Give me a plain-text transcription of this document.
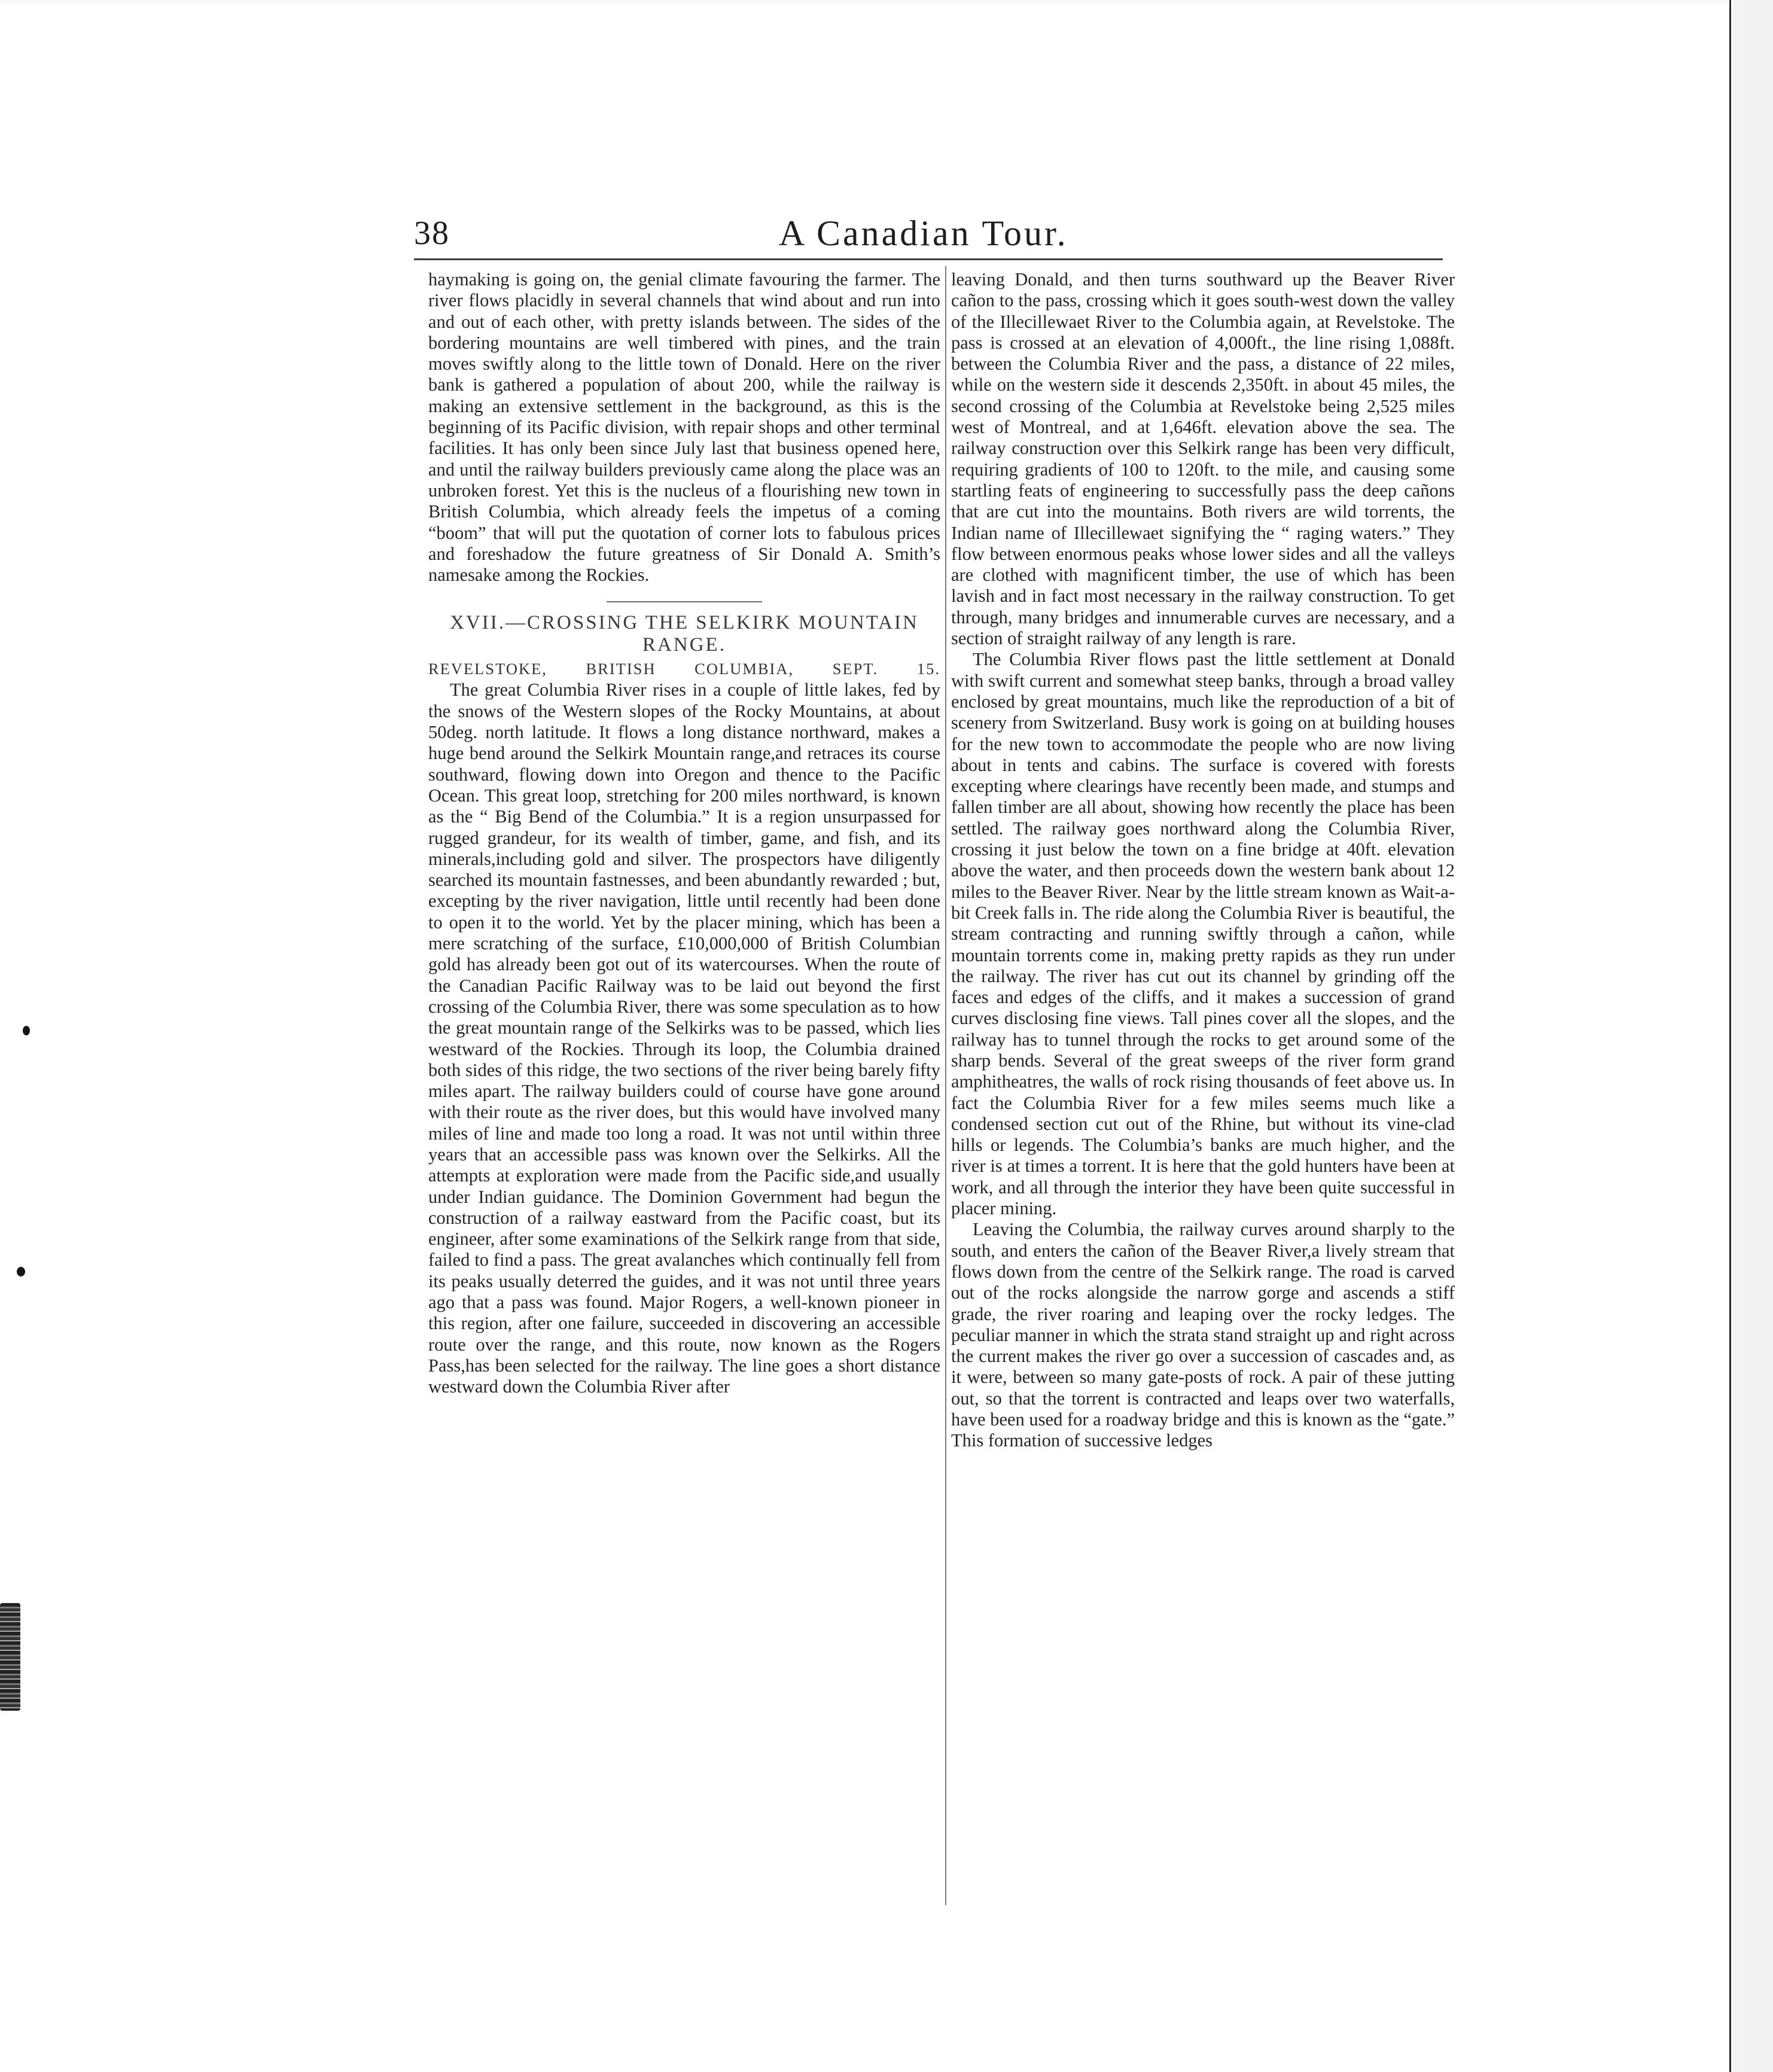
38	A Canadian Tour.

haymaking is going on, the genial climate favouring the farmer. The river flows placidly in several channels that wind about and run into and out of each other, with pretty islands between. The sides of the bordering mountains are well timbered with pines, and the train moves swiftly along to the little town of Donald. Here on the river bank is gathered a population of about 200, while the railway is making an extensive settlement in the background, as this is the beginning of its Pacific division, with repair shops and other terminal facilities. It has only been since July last that business opened here, and until the railway builders previously came along the place was an unbroken forest. Yet this is the nucleus of a flourishing new town in British Columbia, which already feels the impetus of a coming “boom” that will put the quotation of corner lots to fabulous prices and foreshadow the future greatness of Sir Donald A. Smith’s namesake among the Rockies.

XVII.—CROSSING THE SELKIRK MOUNTAIN RANGE.
REVELSTOKE, BRITISH COLUMBIA, SEPT. 15.

The great Columbia River rises in a couple of little lakes, fed by the snows of the Western slopes of the Rocky Mountains, at about 50deg. north latitude. It flows a long distance northward, makes a huge bend around the Selkirk Mountain range,and retraces its course southward, flowing down into Oregon and thence to the Pacific Ocean. This great loop, stretching for 200 miles northward, is known as the “ Big Bend of the Columbia.” It is a region unsurpassed for rugged grandeur, for its wealth of timber, game, and fish, and its minerals,including gold and silver. The prospectors have diligently searched its mountain fastnesses, and been abundantly rewarded ; but, excepting by the river navigation, little until recently had been done to open it to the world. Yet by the placer mining, which has been a mere scratching of the surface, £10,000,000 of British Columbian gold has already been got out of its watercourses. When the route of the Canadian Pacific Railway was to be laid out beyond the first crossing of the Columbia River, there was some speculation as to how the great mountain range of the Selkirks was to be passed, which lies westward of the Rockies. Through its loop, the Columbia drained both sides of this ridge, the two sections of the river being barely fifty miles apart. The railway builders could of course have gone around with their route as the river does, but this would have involved many miles of line and made too long a road. It was not until within three years that an accessible pass was known over the Selkirks. All the attempts at exploration were made from the Pacific side,and usually under Indian guidance. The Dominion Government had begun the construction of a railway eastward from the Pacific coast, but its engineer, after some examinations of the Selkirk range from that side, failed to find a pass. The great avalanches which continually fell from its peaks usually deterred the guides, and it was not until three years ago that a pass was found. Major Rogers, a well-known pioneer in this region, after one failure, succeeded in discovering an accessible route over the range, and this route, now known as the Rogers Pass,has been selected for the railway. The line goes a short distance westward down the Columbia River after

leaving Donald, and then turns southward up the Beaver River cañon to the pass, crossing which it goes south-west down the valley of the Illecillewaet River to the Columbia again, at Revelstoke. The pass is crossed at an elevation of 4,000ft., the line rising 1,088ft. between the Columbia River and the pass, a distance of 22 miles, while on the western side it descends 2,350ft. in about 45 miles, the second crossing of the Columbia at Revelstoke being 2,525 miles west of Montreal, and at 1,646ft. elevation above the sea. The railway construction over this Selkirk range has been very difficult, requiring gradients of 100 to 120ft. to the mile, and causing some startling feats of engineering to successfully pass the deep cañons that are cut into the mountains. Both rivers are wild torrents, the Indian name of Illecillewaet signifying the “ raging waters.” They flow between enormous peaks whose lower sides and all the valleys are clothed with magnificent timber, the use of which has been lavish and in fact most necessary in the railway construction. To get through, many bridges and innumerable curves are necessary, and a section of straight railway of any length is rare.

The Columbia River flows past the little settlement at Donald with swift current and somewhat steep banks, through a broad valley enclosed by great mountains, much like the reproduction of a bit of scenery from Switzerland. Busy work is going on at building houses for the new town to accommodate the people who are now living about in tents and cabins. The surface is covered with forests excepting where clearings have recently been made, and stumps and fallen timber are all about, showing how recently the place has been settled. The railway goes northward along the Columbia River, crossing it just below the town on a fine bridge at 40ft. elevation above the water, and then proceeds down the western bank about 12 miles to the Beaver River. Near by the little stream known as Wait-a-bit Creek falls in. The ride along the Columbia River is beautiful, the stream contracting and running swiftly through a cañon, while mountain torrents come in, making pretty rapids as they run under the railway. The river has cut out its channel by grinding off the faces and edges of the cliffs, and it makes a succession of grand curves disclosing fine views. Tall pines cover all the slopes, and the railway has to tunnel through the rocks to get around some of the sharp bends. Several of the great sweeps of the river form grand amphitheatres, the walls of rock rising thousands of feet above us. In fact the Columbia River for a few miles seems much like a condensed section cut out of the Rhine, but without its vine-clad hills or legends. The Columbia’s banks are much higher, and the river is at times a torrent. It is here that the gold hunters have been at work, and all through the interior they have been quite successful in placer mining.

Leaving the Columbia, the railway curves around sharply to the south, and enters the cañon of the Beaver River,a lively stream that flows down from the centre of the Selkirk range. The road is carved out of the rocks alongside the narrow gorge and ascends a stiff grade, the river roaring and leaping over the rocky ledges. The peculiar manner in which the strata stand straight up and right across the current makes the river go over a succession of cascades and, as it were, between so many gate-posts of rock. A pair of these jutting out, so that the torrent is contracted and leaps over two waterfalls, have been used for a roadway bridge and this is known as the “gate.” This formation of successive ledges
